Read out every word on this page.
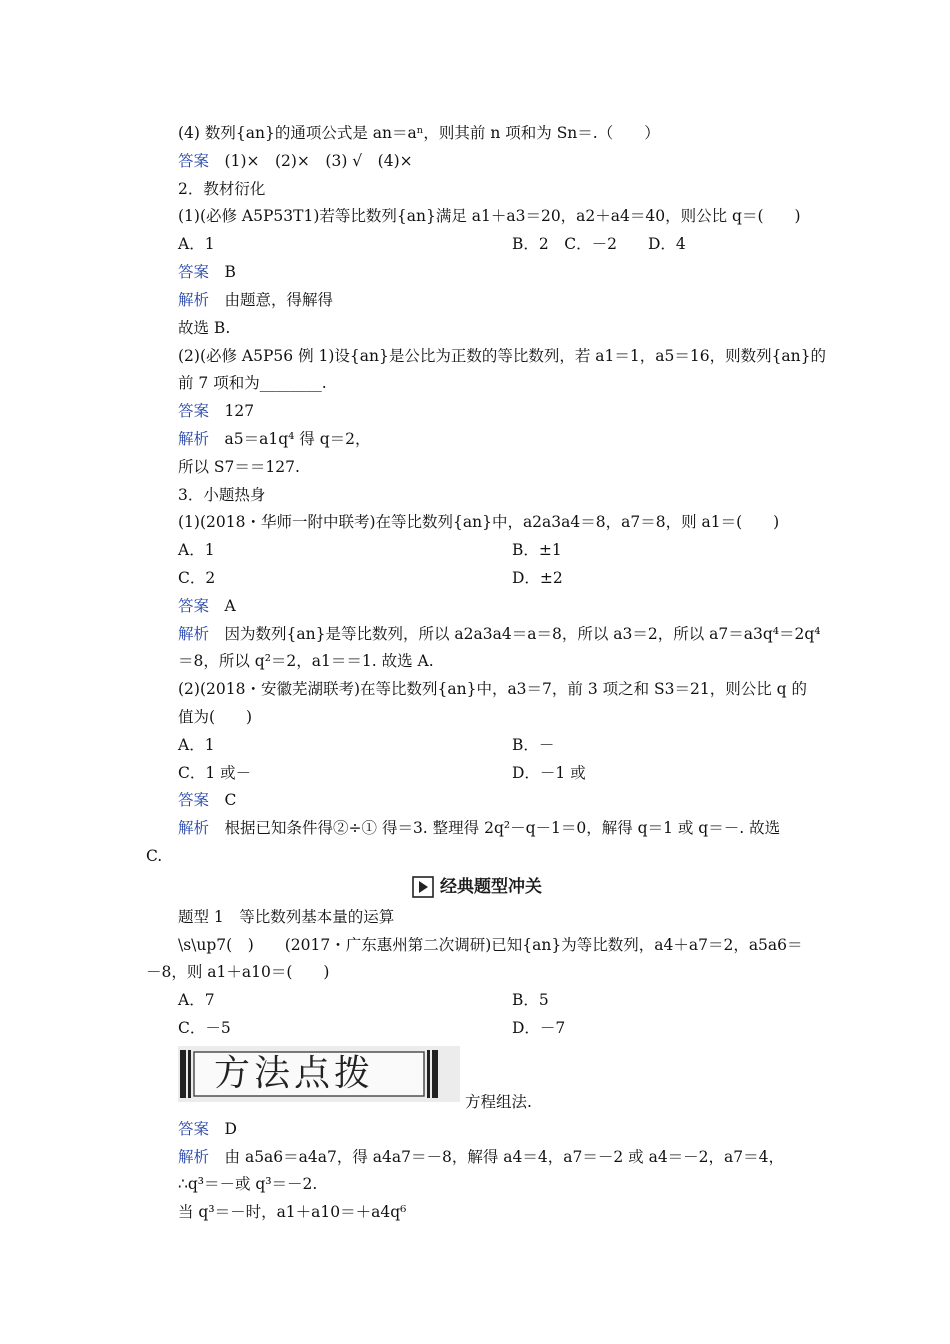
(4) 数列{an}的通项公式是 an＝aⁿ，则其前 n 项和为 Sn＝.（　　）
答案　 (1)×　(2)×　(3) √　(4)×
2．教材衍化
(1)(必修 A5P53T1)若等比数列{an}满足 a1＋a3＝20，a2＋a4＝40，则公比 q＝(　　)
A．1	B．2　C．－2　　D．4
答案　 B
解析　 由题意，得解得
故选 B.
(2)(必修 A5P56 例 1)设{an}是公比为正数的等比数列，若 a1＝1，a5＝16，则数列{an}的
前 7 项和为________.
答案　 127
解析　 a5＝a1q⁴ 得 q＝2，
所以 S7＝＝127.
3．小题热身
(1)(2018・华师一附中联考)在等比数列{an}中，a2a3a4＝8，a7＝8，则 a1＝(　　)
A．1	B．±1
C．2	D．±2
答案　 A
解析　 因为数列{an}是等比数列，所以 a2a3a4＝a＝8，所以 a3＝2，所以 a7＝a3q⁴＝2q⁴
＝8，所以 q²＝2，a1＝＝1. 故选 A.
(2)(2018・安徽芜湖联考)在等比数列{an}中，a3＝7，前 3 项之和 S3＝21，则公比 q 的
值为(　　)
A．1	B．－
C．1 或－	D．－1 或
答案　 C
解析　 根据已知条件得②÷① 得＝3. 整理得 2q²－q－1＝0，解得 q＝1 或 q＝－. 故选
C.
经典题型冲关
题型 1　等比数列基本量的运算
\s\up7(　)　　(2017・广东惠州第二次调研)已知{an}为等比数列，a4＋a7＝2，a5a6＝
－8，则 a1＋a10＝(　　)
A．7	B．5
C．－5	D．－7
方法点拨
方程组法.
答案　 D
解析　 由 a5a6＝a4a7，得 a4a7＝－8，解得 a4＝4，a7＝－2 或 a4＝－2，a7＝4，
∴q³＝－或 q³＝－2.
当 q³＝－时，a1＋a10＝＋a4q⁶
